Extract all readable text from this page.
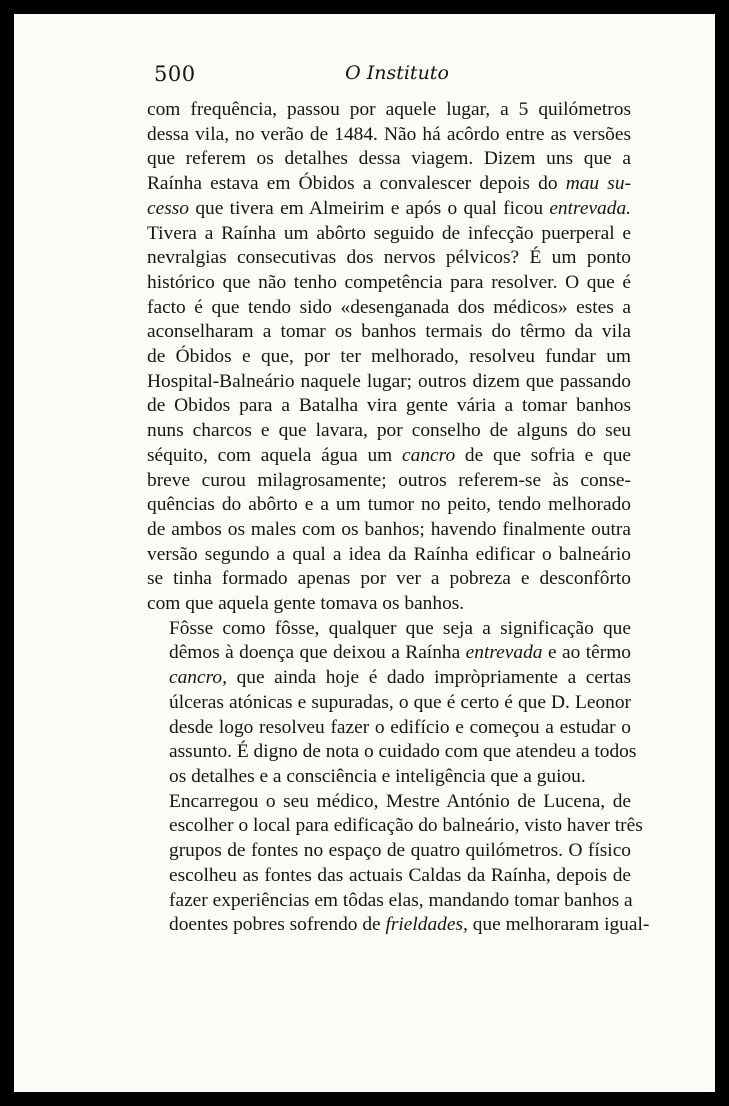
500	O Instituto

com frequência, passou por aquele lugar, a 5 quilómetros
dessa vila, no verão de 1484. Não há acôrdo entre as versões
que referem os detalhes dessa viagem. Dizem uns que a
Raínha estava em Óbidos a convalescer depois do mau su-
cesso que tivera em Almeirim e após o qual ficou entrevada.
Tivera a Raínha um abôrto seguido de infecção puerperal e
nevralgias consecutivas dos nervos pélvicos? É um ponto
histórico que não tenho competência para resolver. O que é
facto é que tendo sido «desenganada dos médicos» estes a
aconselharam a tomar os banhos termais do têrmo da vila
de Óbidos e que, por ter melhorado, resolveu fundar um
Hospital-Balneário naquele lugar; outros dizem que passando
de Obidos para a Batalha vira gente vária a tomar banhos
nuns charcos e que lavara, por conselho de alguns do seu
séquito, com aquela água um cancro de que sofria e que
breve curou milagrosamente; outros referem-se às conse-
quências do abôrto e a um tumor no peito, tendo melhorado
de ambos os males com os banhos; havendo finalmente outra
versão segundo a qual a idea da Raínha edificar o balneário
se tinha formado apenas por ver a pobreza e desconfôrto
com que aquela gente tomava os banhos.

Fôsse como fôsse, qualquer que seja a significação que
dêmos à doença que deixou a Raínha entrevada e ao têrmo
cancro, que ainda hoje é dado impròpriamente a certas
úlceras atónicas e supuradas, o que é certo é que D. Leonor
desde logo resolveu fazer o edifício e começou a estudar o
assunto. É digno de nota o cuidado com que atendeu a todos
os detalhes e a consciência e inteligência que a guiou.

Encarregou o seu médico, Mestre António de Lucena, de
escolher o local para edificação do balneário, visto haver três
grupos de fontes no espaço de quatro quilómetros. O físico
escolheu as fontes das actuais Caldas da Raínha, depois de
fazer experiências em tôdas elas, mandando tomar banhos a
doentes pobres sofrendo de frieldades, que melhoraram igual-
